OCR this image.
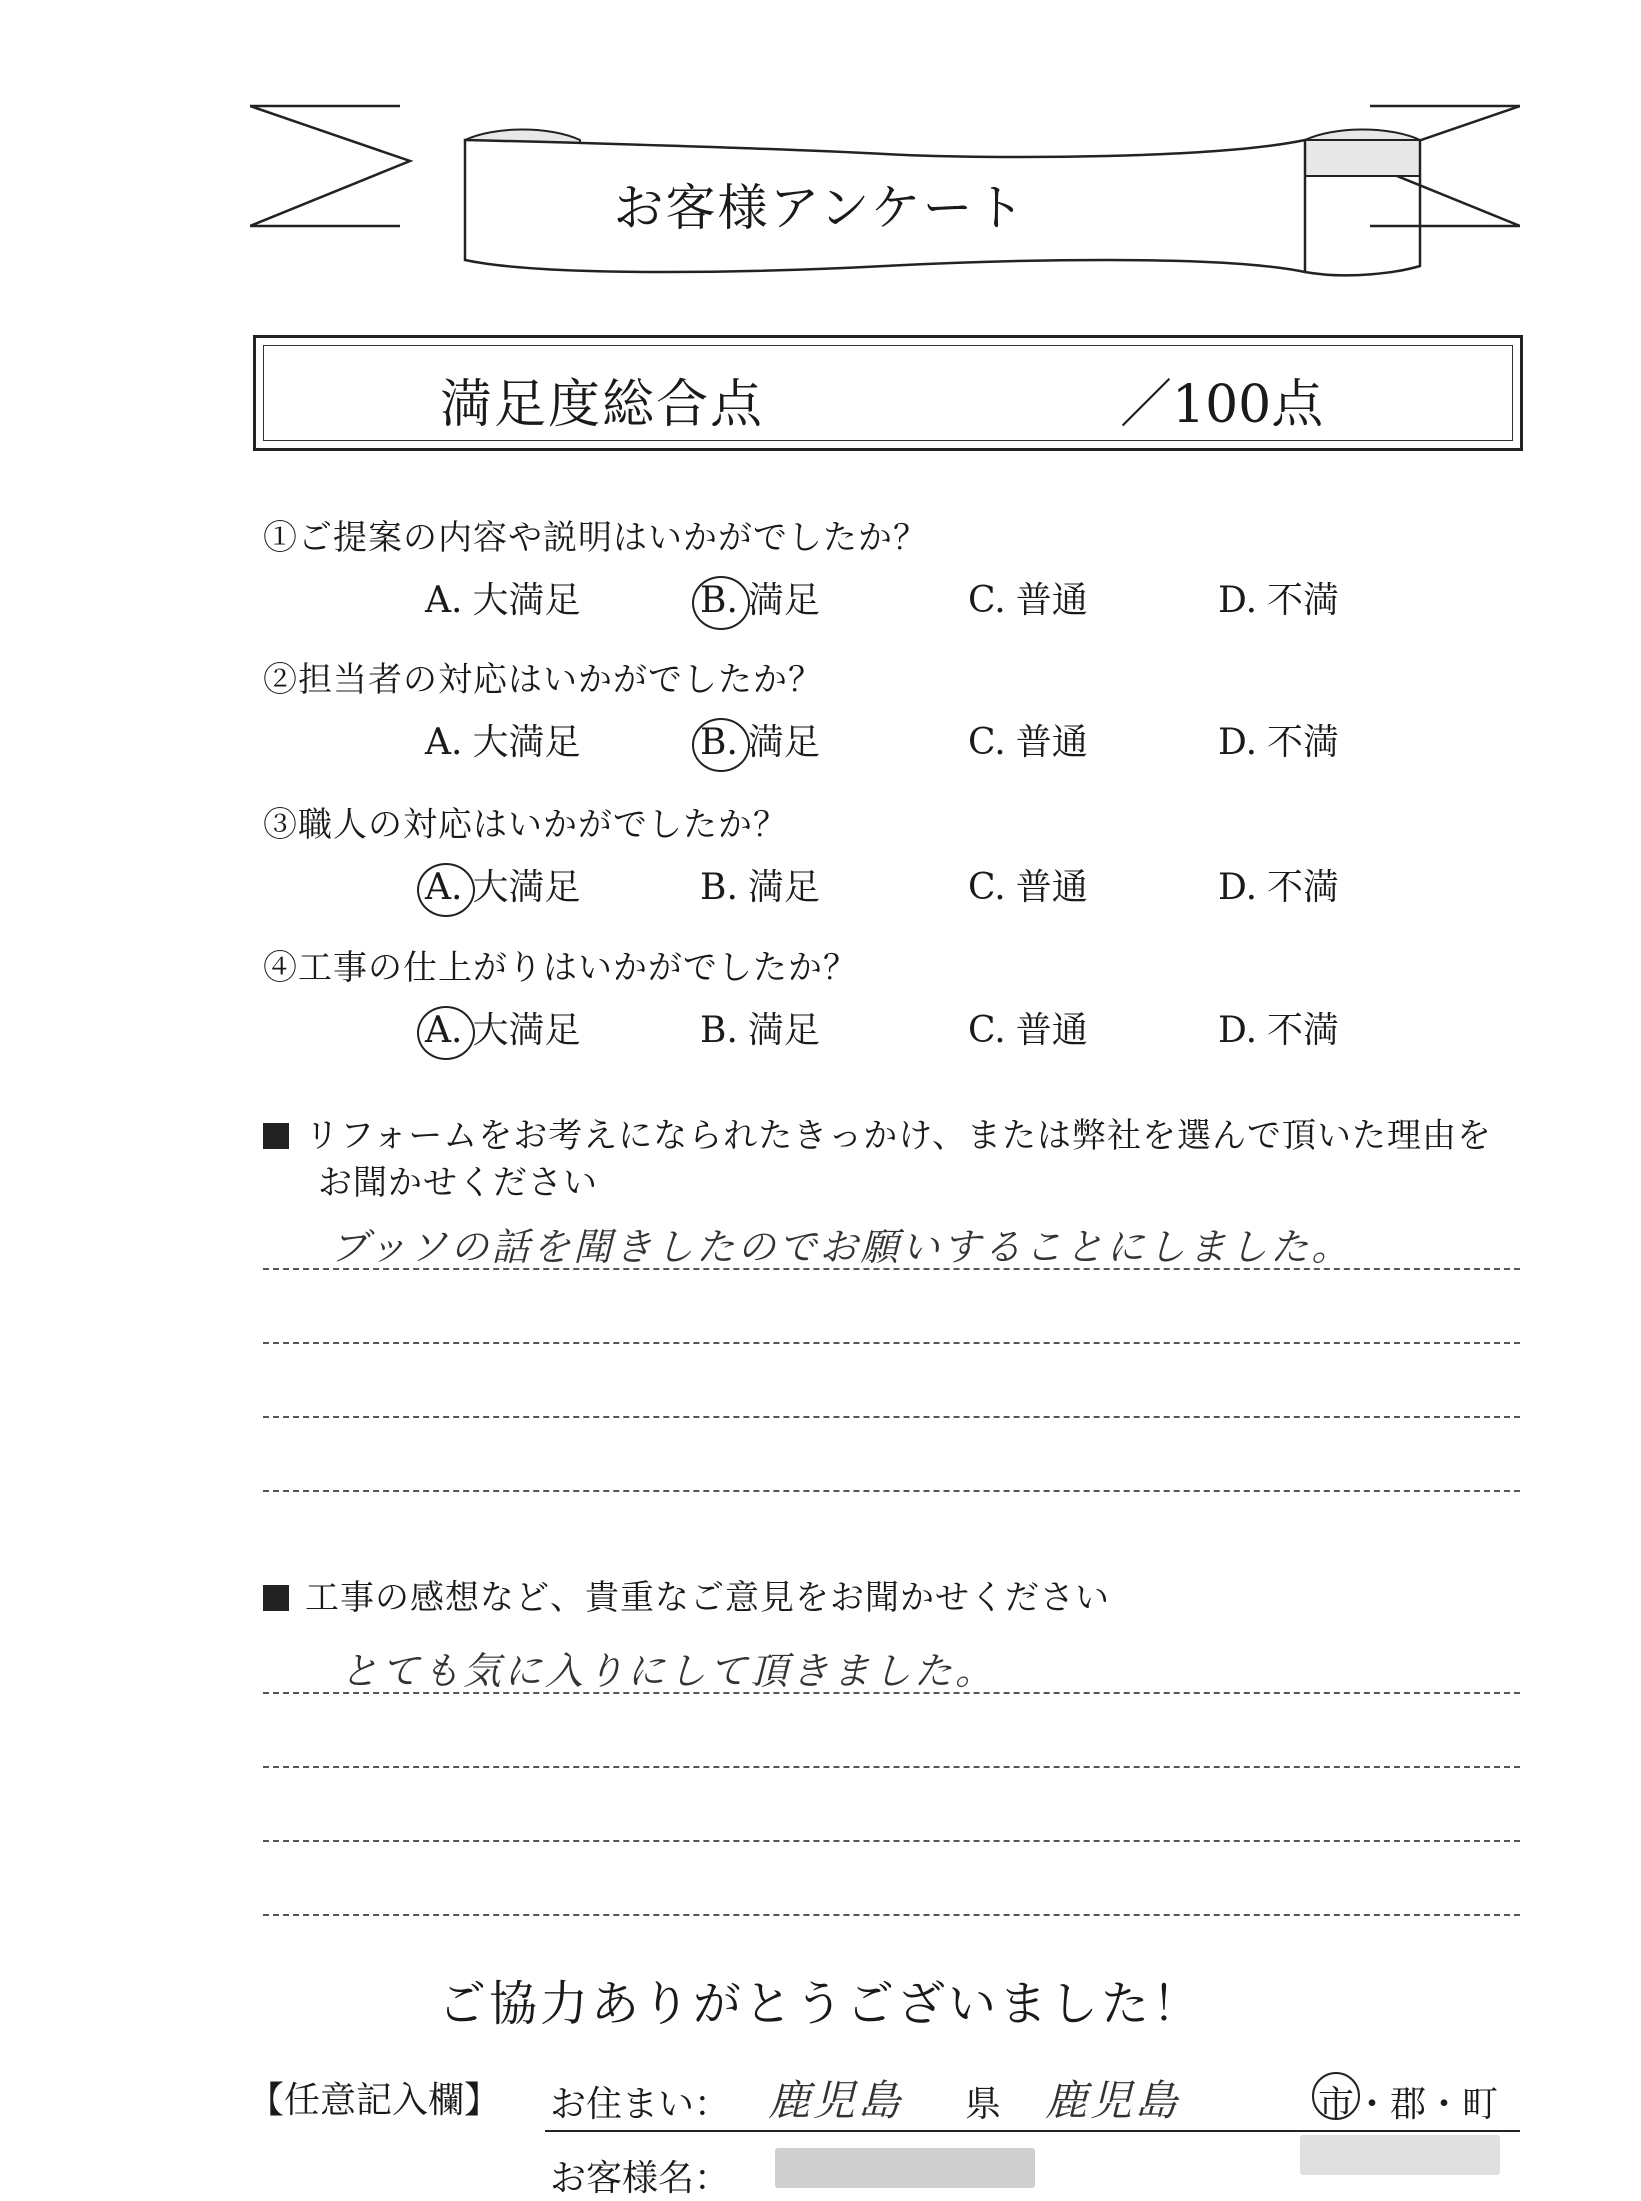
お客様アンケート
満足度総合点	／100点
①ご提案の内容や説明はいかがでしたか？
A. 大満足	B. 満足	C. 普通	D. 不満
②担当者の対応はいかがでしたか？
A. 大満足	B. 満足	C. 普通	D. 不満
③職人の対応はいかがでしたか？
A. 大満足	B. 満足	C. 普通	D. 不満
④工事の仕上がりはいかがでしたか？
A. 大満足	B. 満足	C. 普通	D. 不満
リフォームをお考えになられたきっかけ、または弊社を選んで頂いた理由を
お聞かせください
ブッソの話を聞きしたのでお願いすることにしました。
工事の感想など、貴重なご意見をお聞かせください
とても気に入りにして頂きました。
ご協力ありがとうございました！
【任意記入欄】 お住まい： 鹿児島 県 鹿児島	市・郡・町
お客様名：
